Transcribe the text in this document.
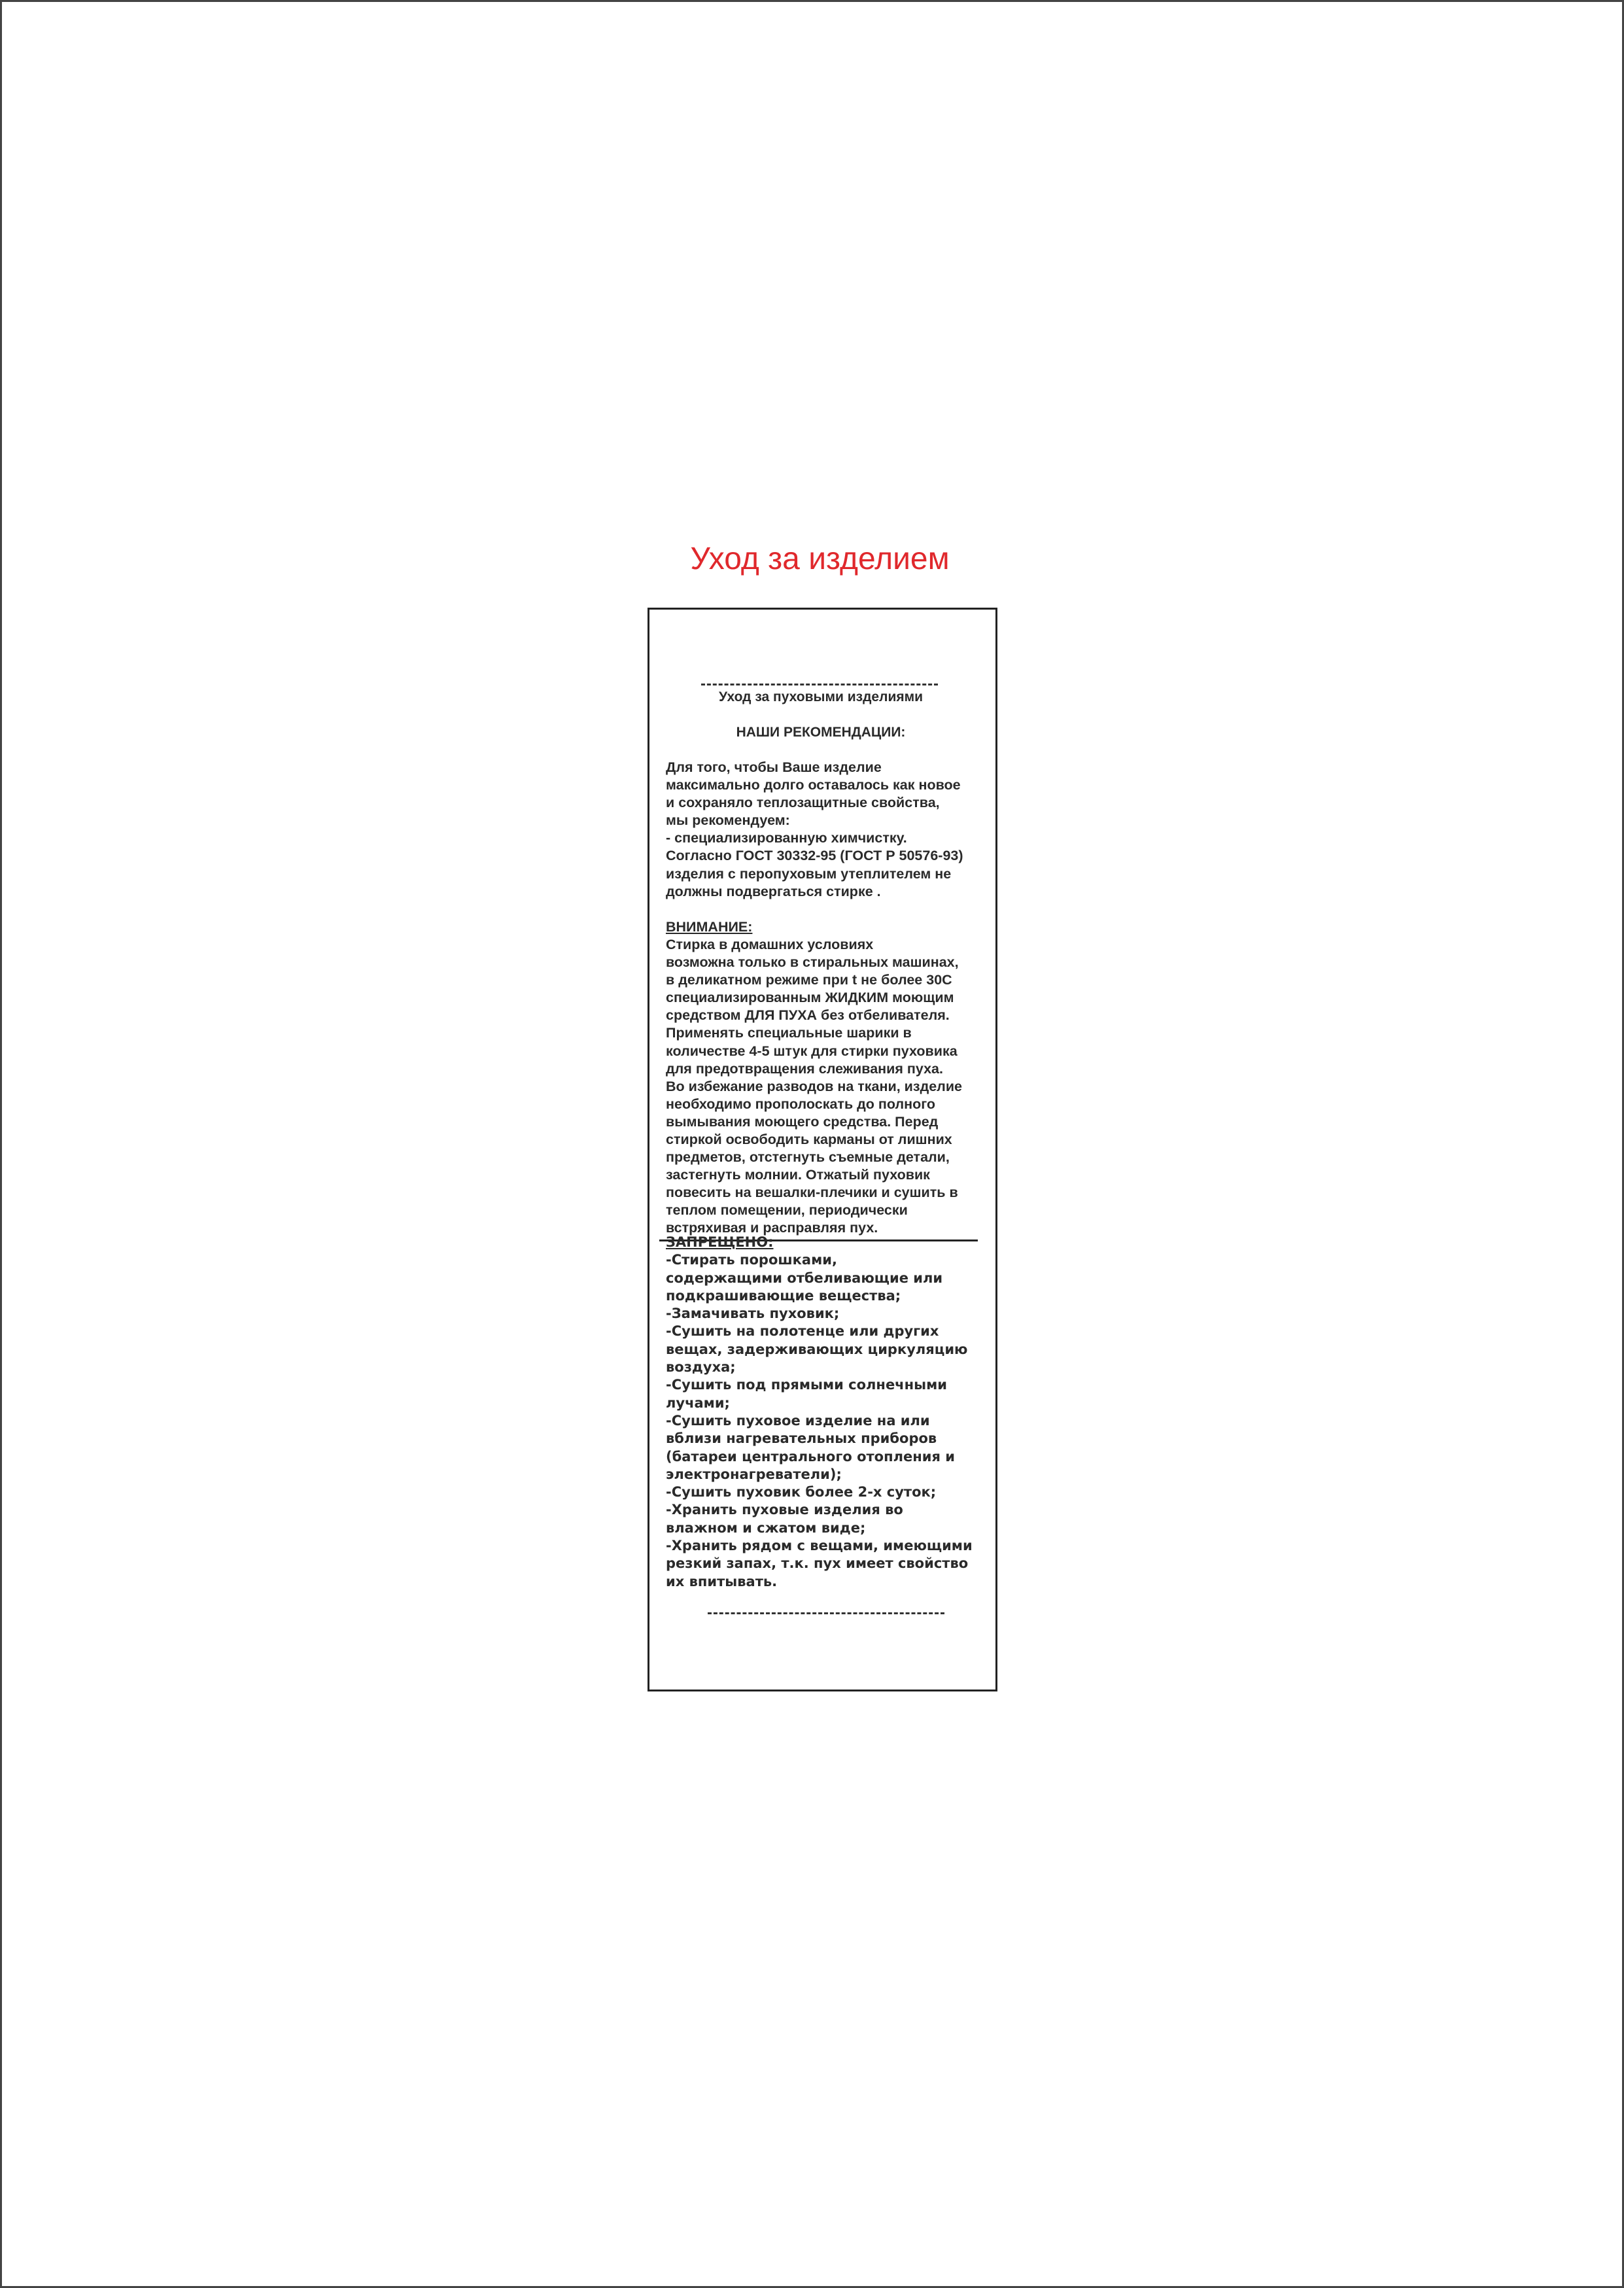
Уход за изделием

Уход за пуховыми изделиями

НАШИ РЕКОМЕНДАЦИИ:

Для того, чтобы Ваше изделие
максимально долго оставалось как новое
и сохраняло теплозащитные свойства,
мы рекомендуем:
- специализированную химчистку.
Согласно ГОСТ 30332-95 (ГОСТ Р 50576-93)
изделия с перопуховым утеплителем не
должны подвергаться стирке .

ВНИМАНИЕ:
Стирка в домашних условиях
возможна только в стиральных машинах,
в деликатном режиме при t не более 30С
специализированным ЖИДКИМ моющим
средством ДЛЯ ПУХА без отбеливателя.
Применять специальные шарики в
количестве 4-5 штук для стирки пуховика
для предотвращения слеживания пуха.
Во избежание разводов на ткани, изделие
необходимо прополоскать до полного
вымывания моющего средства. Перед
стиркой освободить карманы от лишних
предметов, отстегнуть съемные детали,
застегнуть молнии. Отжатый пуховик
повесить на вешалки-плечики и сушить в
теплом помещении, периодически
встряхивая и расправляя пух.
ЗАПРЕЩЕНО:
-Стирать порошками,
содержащими отбеливающие или
подкрашивающие вещества;
-Замачивать пуховик;
-Сушить на полотенце или других
вещах, задерживающих циркуляцию
воздуха;
-Сушить под прямыми солнечными
лучами;
-Сушить пуховое изделие на или
вблизи нагревательных приборов
(батареи центрального отопления и
электронагреватели);
-Сушить пуховик более 2-х суток;
-Хранить пуховые изделия во
влажном и сжатом виде;
-Хранить рядом с вещами, имеющими
резкий запах, т.к. пух имеет свойство
их впитывать.
